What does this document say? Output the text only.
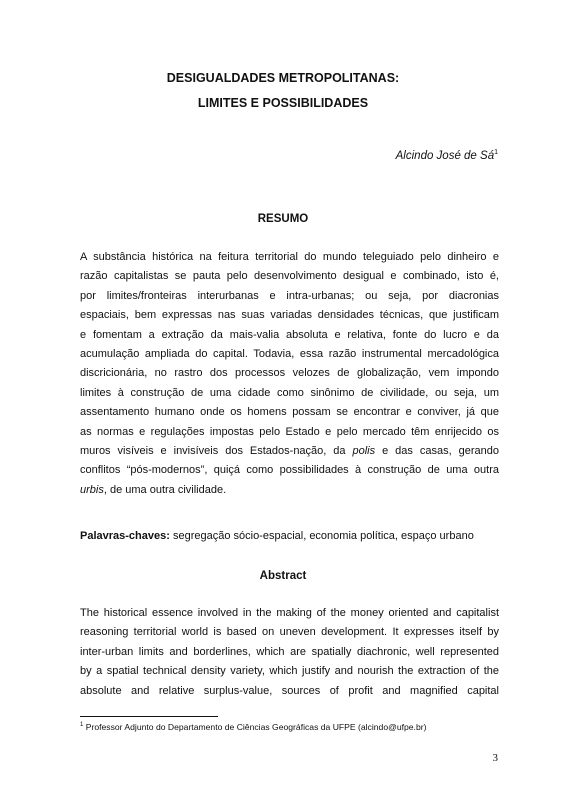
DESIGUALDADES METROPOLITANAS:
LIMITES E POSSIBILIDADES
Alcindo José de $Sá^1$
RESUMO
A substância histórica na feitura territorial do mundo teleguiado pelo dinheiro e
razão capitalistas se pauta pelo desenvolvimento desigual e combinado, isto é,
por limites/fronteiras interurbanas e intra-urbanas; ou seja, por diacronias
espaciais, bem expressas nas suas variadas densidades técnicas, que justificam
e fomentam a extração da mais-valia absoluta e relativa, fonte do lucro e da
acumulação ampliada do capital. Todavia, essa razão instrumental mercadológica
discricionária, no rastro dos processos velozes de globalização, vem impondo
limites à construção de uma cidade como sinônimo de civilidade, ou seja, um
assentamento humano onde os homens possam se encontrar e conviver, já que
as normas e regulações impostas pelo Estado e pelo mercado têm enrijecido os
muros visíveis e invisíveis dos Estados-nação, da polis e das casas, gerando
conflitos “pós-modernos”, quiçá como possibilidades à construção de uma outra
urbis, de uma outra civilidade.
Palavras-chaves: segregação sócio-espacial, economia política, espaço urbano
Abstract
The historical essence involved in the making of the money oriented and capitalist
reasoning territorial world is based on uneven development. It expresses itself by
inter-urban limits and borderlines, which are spatially diachronic, well represented
by a spatial technical density variety, which justify and nourish the extraction of the
absolute and relative surplus-value, sources of profit and magnified capital
$^1$ Professor Adjunto do Departamento de Ciências Geográficas da UFPE (alcindo@ufpe.br)
3
